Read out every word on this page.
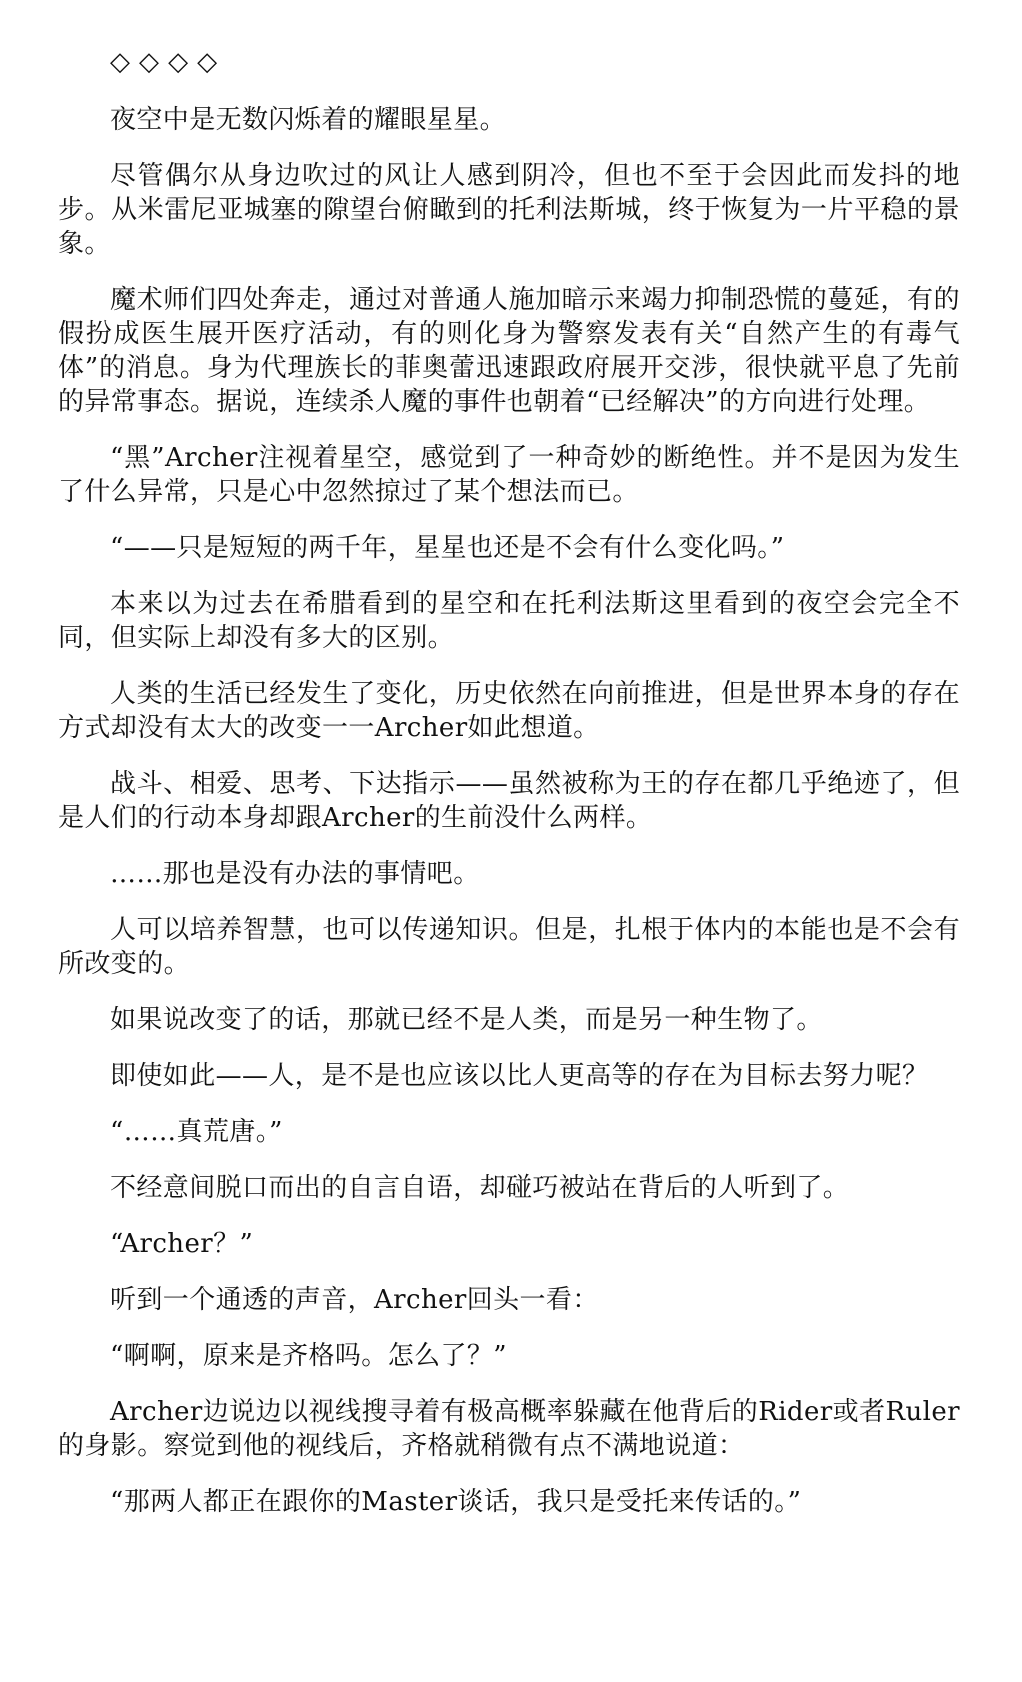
◇ ◇ ◇ ◇

夜空中是无数闪烁着的耀眼星星。

尽管偶尔从身边吹过的风让人感到阴冷，但也不至于会因此而发抖的地步。从米雷尼亚城塞的隙望台俯瞰到的托利法斯城，终于恢复为一片平稳的景象。

魔术师们四处奔走，通过对普通人施加暗示来竭力抑制恐慌的蔓延，有的假扮成医生展开医疗活动，有的则化身为警察发表有关“自然产生的有毒气体”的消息。身为代理族长的菲奥蕾迅速跟政府展开交涉，很快就平息了先前的异常事态。据说，连续杀人魔的事件也朝着“已经解决”的方向进行处理。

“黑”Archer注视着星空，感觉到了一种奇妙的断绝性。并不是因为发生了什么异常，只是心中忽然掠过了某个想法而已。

“——只是短短的两千年，星星也还是不会有什么变化吗。”

本来以为过去在希腊看到的星空和在托利法斯这里看到的夜空会完全不同，但实际上却没有多大的区别。

人类的生活已经发生了变化，历史依然在向前推进，但是世界本身的存在方式却没有太大的改变一一Archer如此想道。

战斗、相爱、思考、下达指示——虽然被称为王的存在都几乎绝迹了，但是人们的行动本身却跟Archer的生前没什么两样。

……那也是没有办法的事情吧。

人可以培养智慧，也可以传递知识。但是，扎根于体内的本能也是不会有所改变的。

如果说改变了的话，那就已经不是人类，而是另一种生物了。

即使如此——人，是不是也应该以比人更高等的存在为目标去努力呢？

“……真荒唐。”

不经意间脱口而出的自言自语，却碰巧被站在背后的人听到了。

“Archer？”

听到一个通透的声音，Archer回头一看：

“啊啊，原来是齐格吗。怎么了？”

Archer边说边以视线搜寻着有极高概率躲藏在他背后的Rider或者Ruler的身影。察觉到他的视线后，齐格就稍微有点不满地说道：

“那两人都正在跟你的Master谈话，我只是受托来传话的。”
